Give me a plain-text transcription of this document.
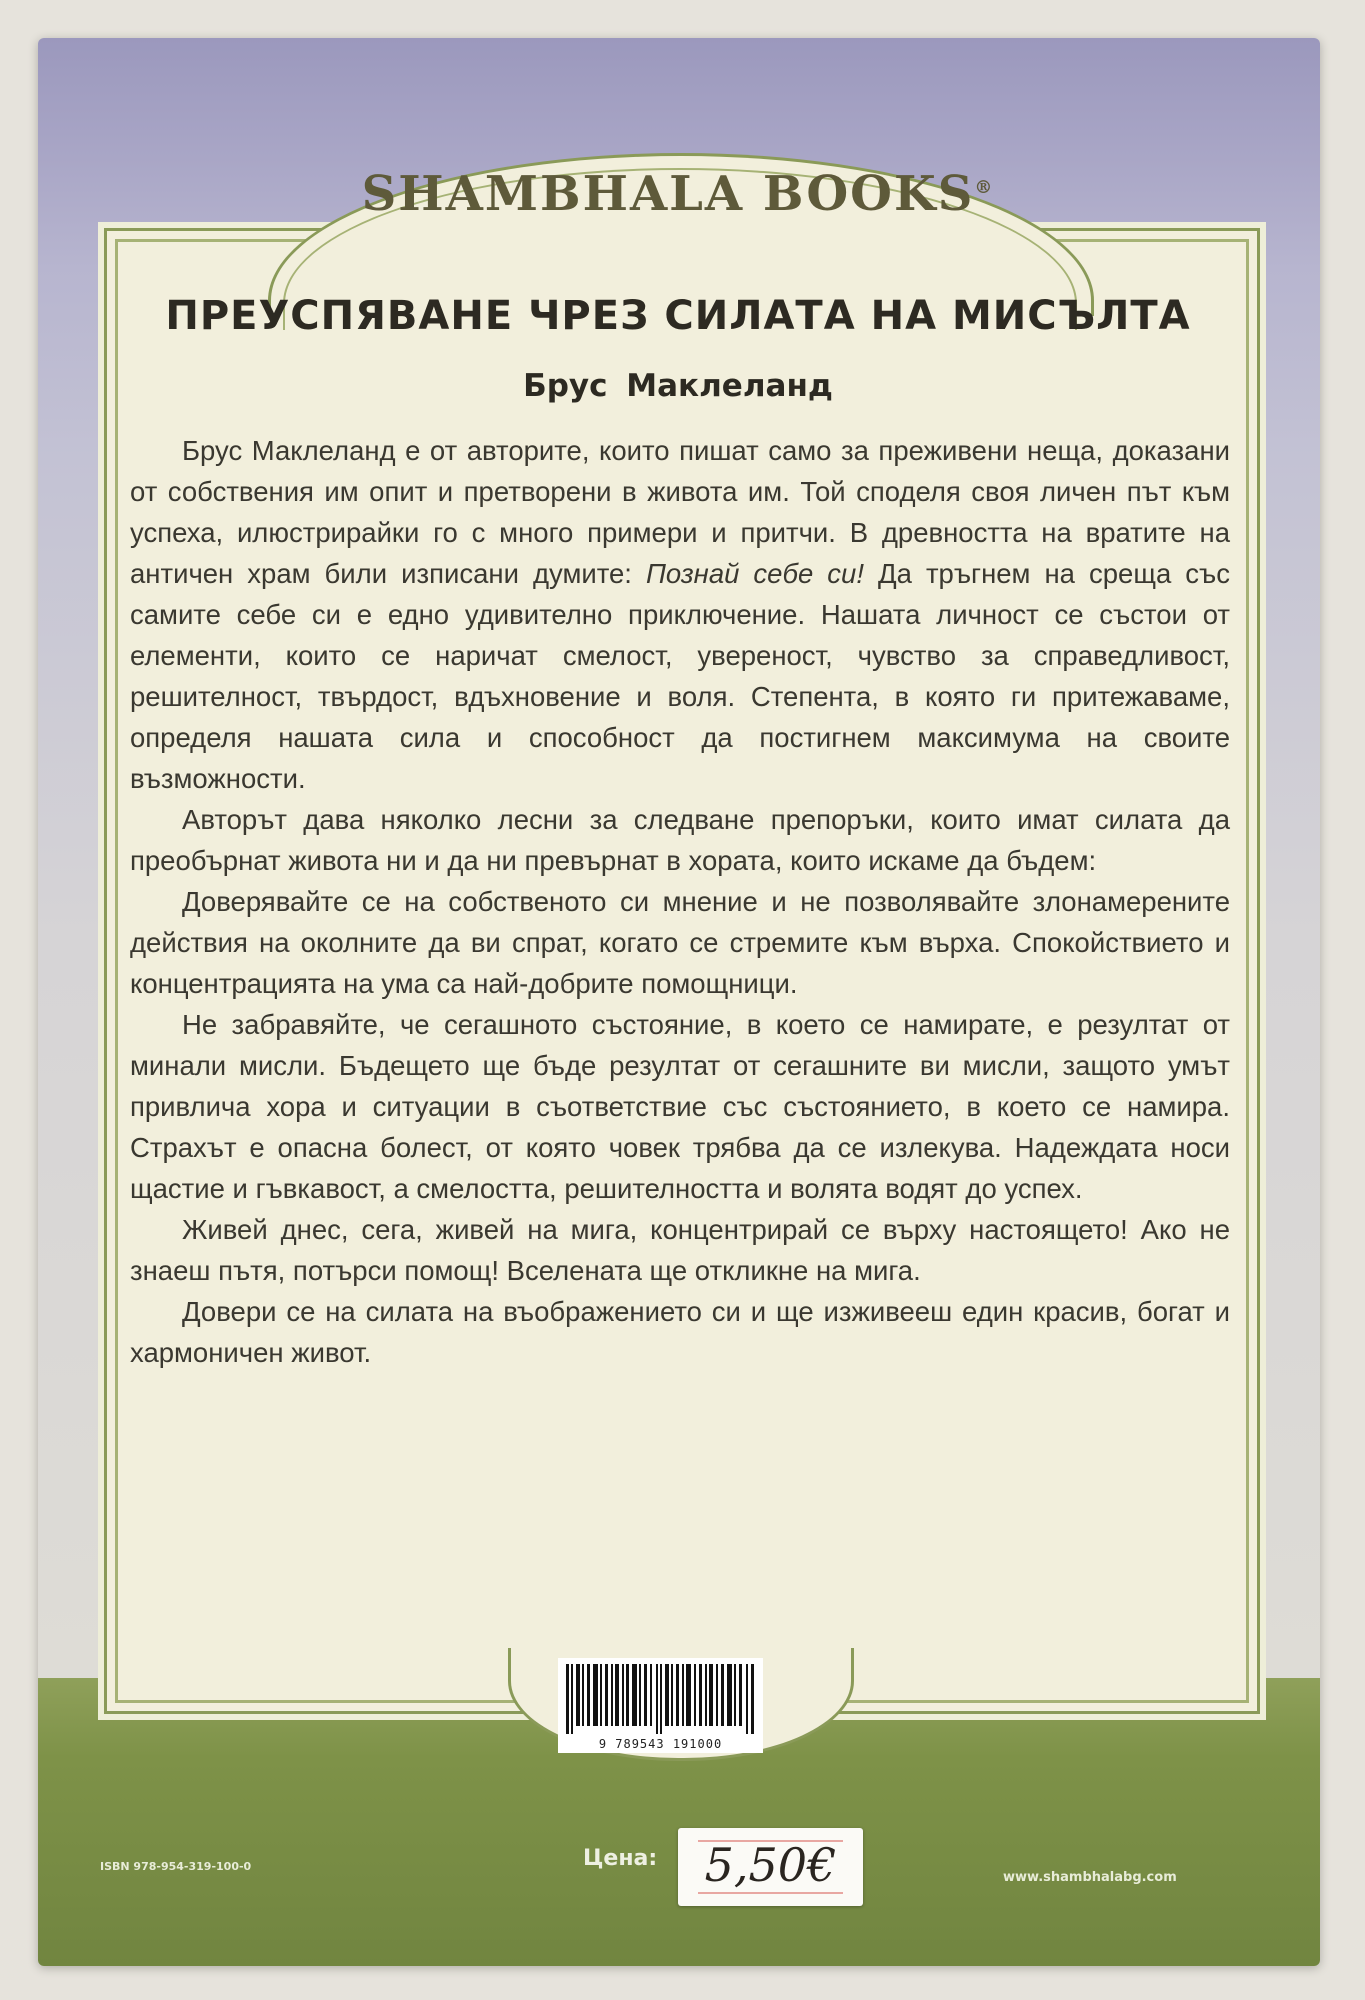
SHAMBHALA BOOKS®
ПРЕУСПЯВАНЕ ЧРЕЗ СИЛАТА НА МИСЪЛТА
Брус Маклеланд

Брус Маклеланд е от авторите, които пишат само за преживени неща, доказани от собствения им опит и претворени в живота им. Той споделя своя личен път към успеха, илюстрирайки го с много примери и притчи. В древността на вратите на античен храм били изписани думите: Познай себе си! Да тръгнем на среща със самите себе си е едно удивително приключение. Нашата личност се състои от елементи, които се наричат смелост, увереност, чувство за справедливост, решителност, твърдост, вдъхновение и воля. Степента, в която ги притежаваме, определя нашата сила и способност да постигнем максимума на своите възможности.

Авторът дава няколко лесни за следване препоръки, които имат силата да преобърнат живота ни и да ни превърнат в хората, които искаме да бъдем:

Доверявайте се на собственото си мнение и не позволявайте злонамерените действия на околните да ви спрат, когато се стремите към върха. Спокойствието и концентрацията на ума са най-добрите помощници.

Не забравяйте, че сегашното състояние, в което се намирате, е резултат от минали мисли. Бъдещето ще бъде резултат от сегашните ви мисли, защото умът привлича хора и ситуации в съответствие със състоянието, в което се намира. Страхът е опасна болест, от която човек трябва да се излекува. Надеждата носи щастие и гъвкавост, а смелостта, решителността и волята водят до успех.

Живей днес, сега, живей на мига, концентрирай се върху настоящето! Ако не знаеш пътя, потърси помощ! Вселената ще откликне на мига.

Довери се на силата на въображението си и ще изживееш един красив, богат и хармоничен живот.

9 789543 191000
ISBN 978-954-319-100-0	Цена:	5,50€	www.shambhalabg.com
